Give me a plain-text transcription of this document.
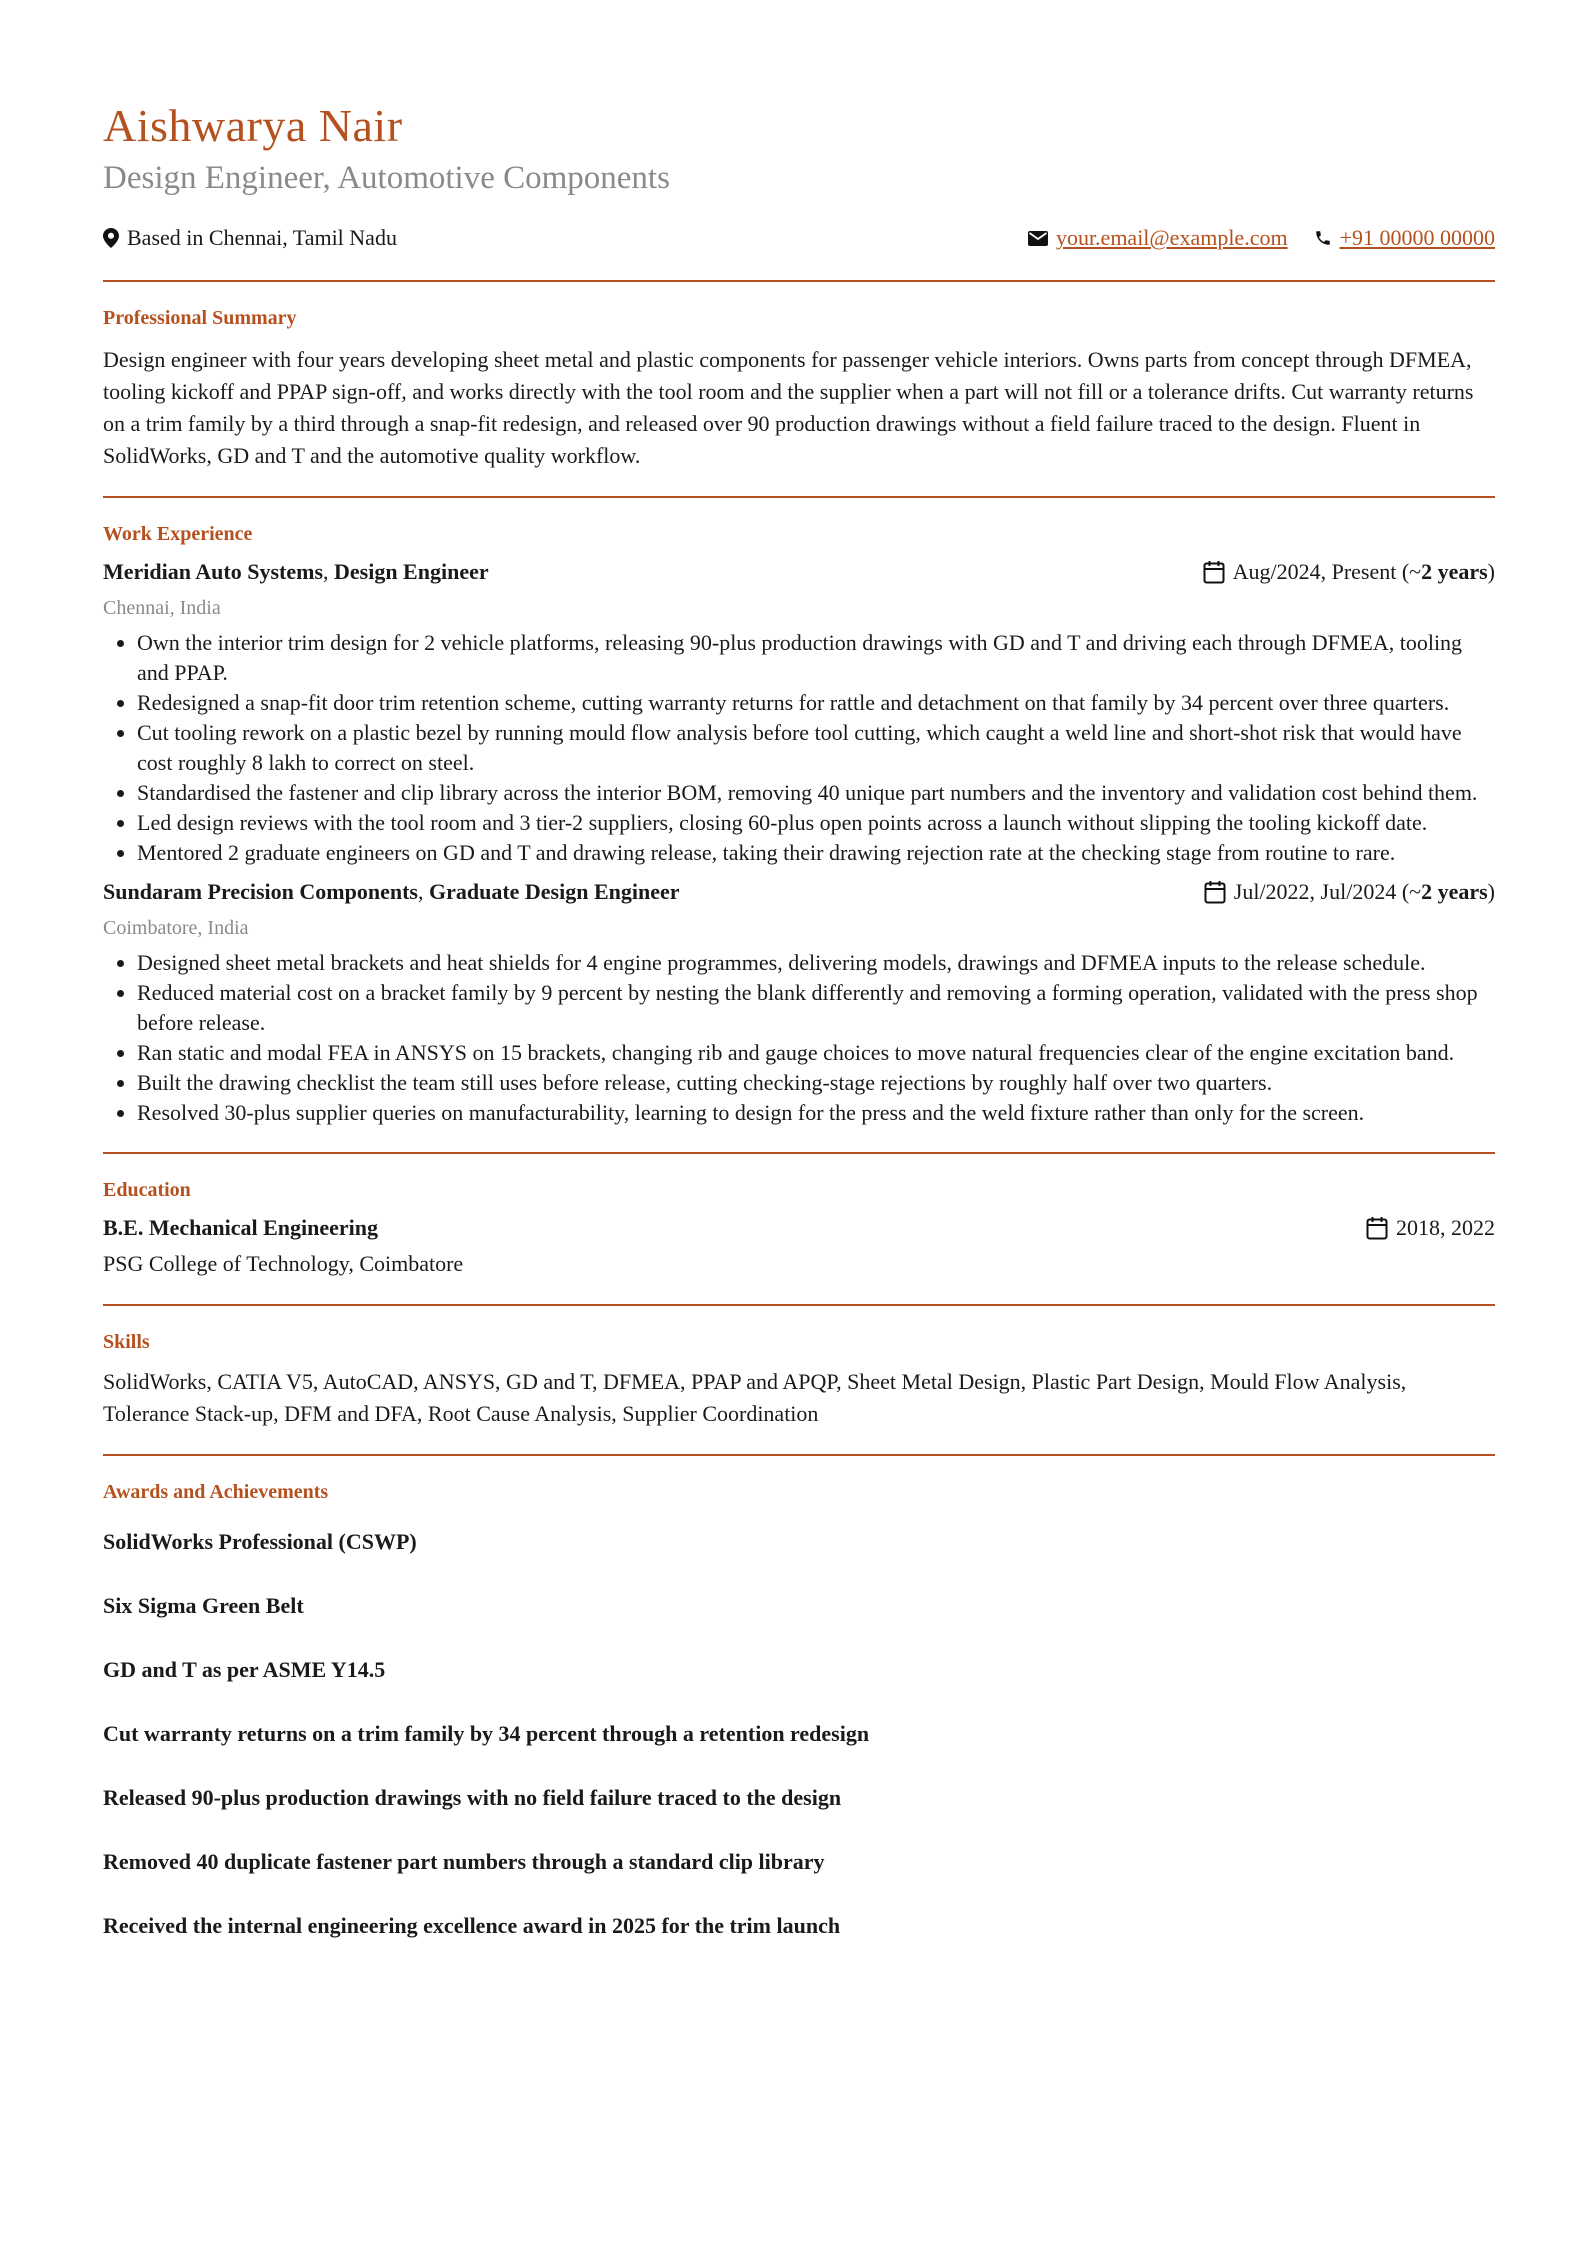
Aishwarya Nair
Design Engineer, Automotive Components
Based in Chennai, Tamil Nadu	your.email@example.com +91 00000 00000
Professional Summary

Design engineer with four years developing sheet metal and plastic components for passenger vehicle interiors. Owns parts from concept through DFMEA, tooling kickoff and PPAP sign-off, and works directly with the tool room and the supplier when a part will not fill or a tolerance drifts. Cut warranty returns on a trim family by a third through a snap-fit redesign, and released over 90 production drawings without a field failure traced to the design. Fluent in SolidWorks, GD and T and the automotive quality workflow.

Work Experience
Meridian Auto Systems, Design Engineer	Aug/2024, Present
(~ 2 years )
Chennai, India
• Own the interior trim design for 2 vehicle platforms, releasing 90-plus production drawings with GD and T and driving each through DFMEA, tooling and PPAP.
• Redesigned a snap-fit door trim retention scheme, cutting warranty returns for rattle and detachment on that family by 34 percent over three quarters.
• Cut tooling rework on a plastic bezel by running mould flow analysis before tool cutting, which caught a weld line and short-shot risk that would have cost roughly 8 lakh to correct on steel.
• Standardised the fastener and clip library across the interior BOM, removing 40 unique part numbers and the inventory and validation cost behind them.
• Led design reviews with the tool room and 3 tier-2 suppliers, closing 60-plus open points across a launch without slipping the tooling kickoff date.
• Mentored 2 graduate engineers on GD and T and drawing release, taking their drawing rejection rate at the checking stage from routine to rare.
Sundaram Precision Components, Graduate Design Engineer	Jul/2022, Jul/2024
(~ 2 years )
Coimbatore, India
• Designed sheet metal brackets and heat shields for 4 engine programmes, delivering models, drawings and DFMEA inputs to the release schedule.
• Reduced material cost on a bracket family by 9 percent by nesting the blank differently and removing a forming operation, validated with the press shop before release.
• Ran static and modal FEA in ANSYS on 15 brackets, changing rib and gauge choices to move natural frequencies clear of the engine excitation band.
• Built the drawing checklist the team still uses before release, cutting checking-stage rejections by roughly half over two quarters.
• Resolved 30-plus supplier queries on manufacturability, learning to design for the press and the weld fixture rather than only for the screen.
Education
B.E. Mechanical Engineering	2018, 2022

PSG College of Technology, Coimbatore

Skills

SolidWorks, CATIA V5, AutoCAD, ANSYS, GD and T, DFMEA, PPAP and APQP, Sheet Metal Design, Plastic Part Design, Mould Flow Analysis, Tolerance Stack-up, DFM and DFA, Root Cause Analysis, Supplier Coordination

Awards and Achievements

SolidWorks Professional (CSWP)

Six Sigma Green Belt

GD and T as per ASME Y14.5

Cut warranty returns on a trim family by 34 percent through a retention redesign

Released 90-plus production drawings with no field failure traced to the design

Removed 40 duplicate fastener part numbers through a standard clip library

Received the internal engineering excellence award in 2025 for the trim launch
